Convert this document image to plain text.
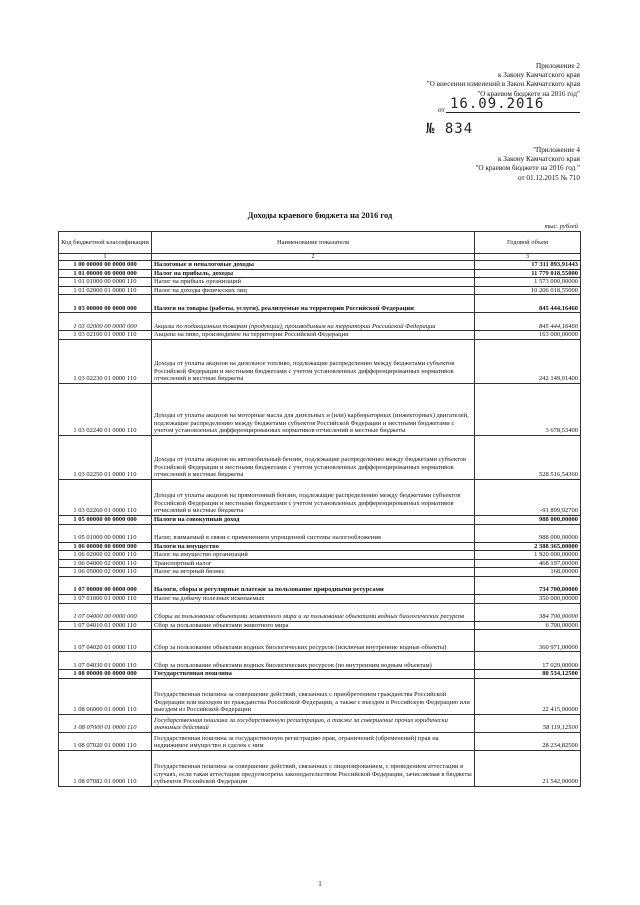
Приложение 2
к Закону Камчатского края
"О внесении изменений в Закон Камчатского края
"О краевом бюджете на 2016 год"
от 16.09.2016
№ 834
"Приложение 4
к Закону Камчатского края
"О краевом бюджете на 2016 год "
от 01.12.2015 № 710
Доходы краевого бюджета на 2016 год
тыс. рублей
Код бюджетной классификации	Наименование показателя	Годовой объем
1	2	3
1 00 00000 00 0000 000	Налоговые и неналоговые доходы	17 311 893,91443
1 01 00000 00 0000 000	Налог на прибыль, доходы	11 779 018,55000
1 01 01000 00 0000 110	Налог на прибыль организаций	1 573 000,00000
1 01 02000 01 0000 110	Налог на доходы физических лиц	10 206 018,55000
1 03 00000 00 0000 000	Налоги на товары (работы, услуги), реализуемые на территории Российской Федерации	845 444,16460
1 03 02000 00 0000 000	Акцизы по подакцизным товарам (продукции), производимым на территории Российской Федерации	845 444,16460
1 03 02100 01 0000 110	Акцизы на пиво, производимое на территории Российской Федерации	163 000,00000
1 03 02230 01 0000 110	Доходы от уплаты акцизов на дизельное топливо, подлежащие распределению между бюджетами субъектов Российской Федерации и местными бюджетами с учетом установленных дифференцированных нормативов отчислений в местные бюджеты	242 149,01400
1 03 02240 01 0000 110	Доходы от уплаты акцизов на моторные масла для дизельных и (или) карбюраторных (инжекторных) двигателей, подлежащие распределению между бюджетами субъектов Российской Федерации и местными бюджетами с учетом установленных дифференцированных нормативов отчислений в местные бюджеты	3 678,53400
1 03 02250 01 0000 110	Доходы от уплаты акцизов на автомобильный бензин, подлежащие распределению между бюджетами субъектов Российской Федерации и местными бюджетами с учетом установленных дифференцированных нормативов отчислений в местные бюджеты	528 516,54360
1 03 02260 01 0000 110	Доходы от уплаты акцизов на прямогонный бензин, подлежащие распределению между бюджетами субъектов Российской Федерации и местными бюджетами с учетом установленных дифференцированных нормативов отчислений в местные бюджеты	-91 899,92700
1 05 00000 00 0000 000	Налоги на совокупный доход	988 000,00000
1 05 01000 00 0000 110	Налог, взимаемый в связи с применением упрощенной системы налогообложения	988 000,00000
1 06 00000 00 0000 000	Налоги на имущество	2 388 365,00000
1 06 02000 02 0000 110	Налог на имущество организаций	1 920 000,00000
1 06 04000 02 0000 110	Транспортный налог	468 197,00000
1 06 05000 02 0000 110	Налог на игорный бизнес	168,00000
1 07 00000 00 0000 000	Налоги, сборы и регулярные платежи за пользование природными ресурсами	734 700,00000
1 07 01000 01 0000 110	Налог на добычу полезных ископаемых	350 000,00000
1 07 04000 00 0000 000	Сборы за пользование объектами животного мира и за пользование объектами водных биологических ресурсов	384 700,00000
1 07 04010 01 0000 110	Сбор за пользование объектами животного мира	6 700,00000
1 07 04020 01 0000 110	Сбор за пользование объектами водных биологических ресурсов (исключая внутренние водные объекты)	360 971,00000
1 07 04030 01 0000 110	Сбор за пользование объектами водных биологических ресурсов (по внутренним водным объектам)	17 029,00000
1 08 00000 00 0000 000	Государственная пошлина	80 534,12500
1 08 06000 01 0000 110	Государственная пошлина за совершение действий, связанных с приобретением гражданства Российской Федерации или выходом из гражданства Российской Федерации, а также с въездом в Российскую Федерацию или выездом из Российской Федерации	22 415,00000
1 08 07000 01 0000 110	Государственная пошлина за государственную регистрацию, а также за совершение прочих юридически значимых действий	58 119,12500
1 08 07020 01 0000 110	Государственная пошлина за государственную регистрацию прав, ограничений (обременений) прав на недвижимое имущество и сделок с ним	28 234,82500
1 08 07082 01 0000 110	Государственная пошлина за совершение действий, связанных с лицензированием, с проведением аттестации в случаях, если такая аттестация предусмотрена законодательством Российской Федерации, зачисляемая в бюджеты субъектов Российской Федерации	21 542,00000
1
